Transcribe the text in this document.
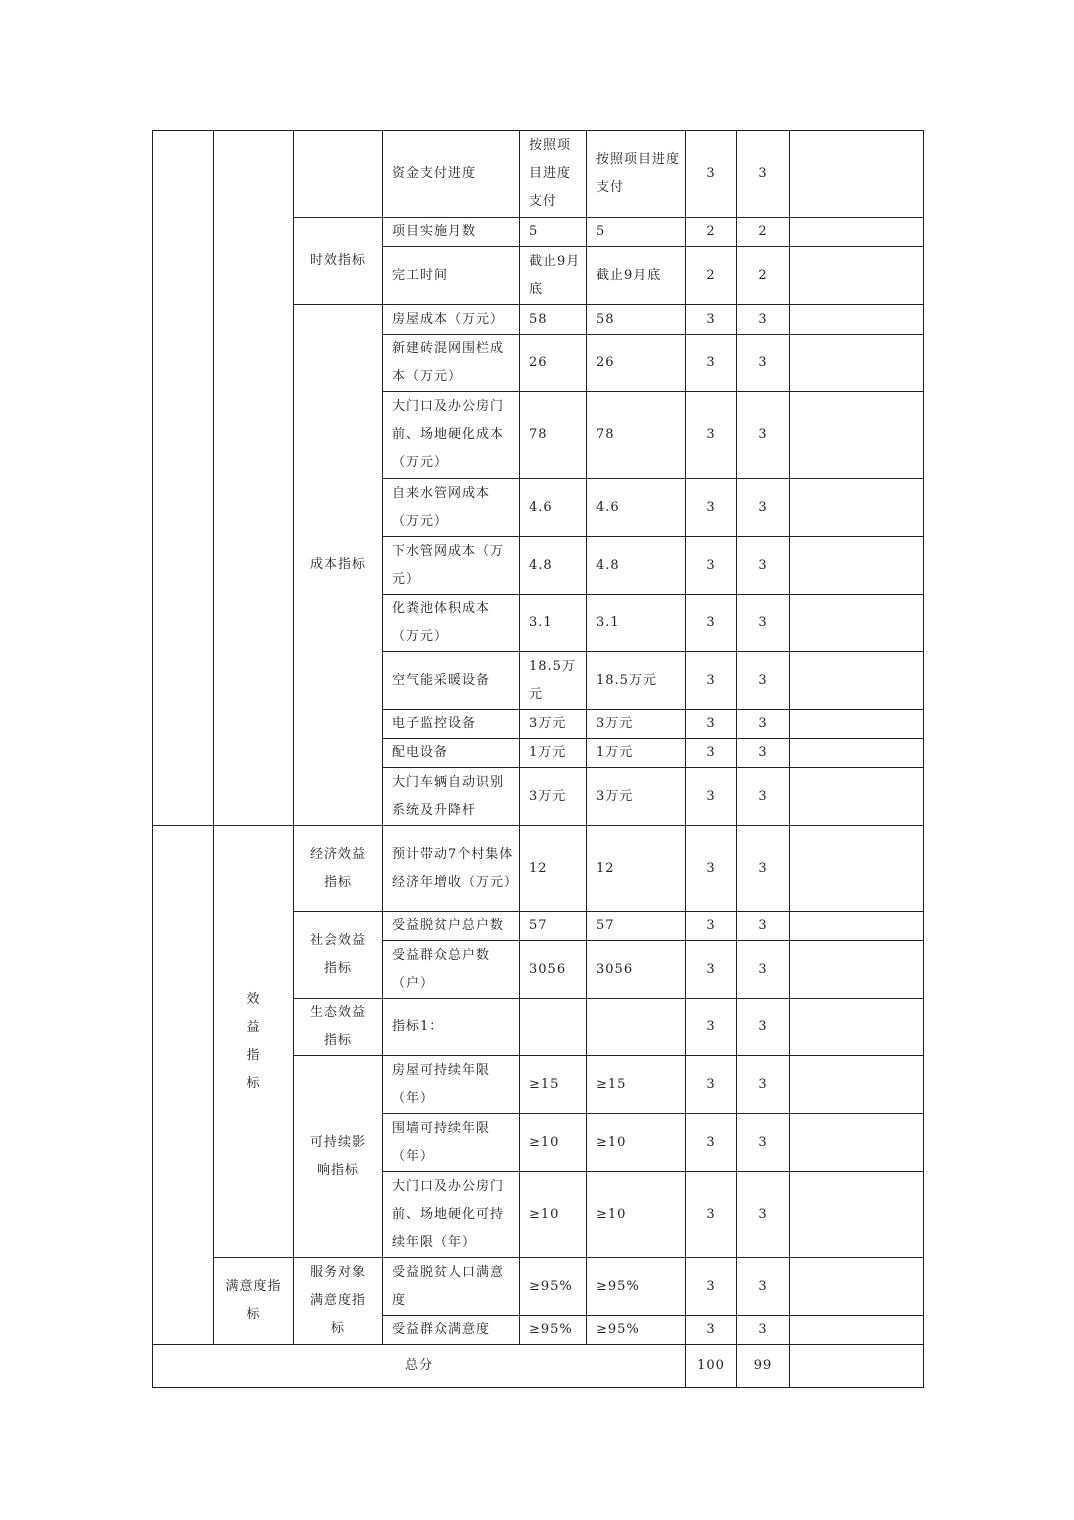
			资金支付进度	按照项目进度支付	按照项目进度支付	3	3	
		时效指标	项目实施月数	5	5	2	2	
			完工时间	截止9月底	截止9月底	2	2	
		成本指标	房屋成本（万元）	58	58	3	3	
			新建砖混网围栏成本（万元）	26	26	3	3	
			大门口及办公房门前、场地硬化成本（万元）	78	78	3	3	
			自来水管网成本（万元）	4.6	4.6	3	3	
			下水管网成本（万元）	4.8	4.8	3	3	
			化粪池体积成本（万元）	3.1	3.1	3	3	
			空气能采暖设备	18.5万元	18.5万元	3	3	
			电子监控设备	3万元	3万元	3	3	
			配电设备	1万元	1万元	3	3	
			大门车辆自动识别系统及升降杆	3万元	3万元	3	3	
	效益指标	经济效益指标	预计带动7个村集体经济年增收（万元）	12	12	3	3	
		社会效益指标	受益脱贫户总户数	57	57	3	3	
			受益群众总户数（户）	3056	3056	3	3	
		生态效益指标	指标1：			3	3	
		可持续影响指标	房屋可持续年限（年）	≥15	≥15	3	3	
			围墙可持续年限（年）	≥10	≥10	3	3	
			大门口及办公房门前、场地硬化可持续年限（年）	≥10	≥10	3	3	
	满意度指标	服务对象满意度指标	受益脱贫人口满意度	≥95%	≥95%	3	3	
			受益群众满意度	≥95%	≥95%	3	3	
总分						100	99	
